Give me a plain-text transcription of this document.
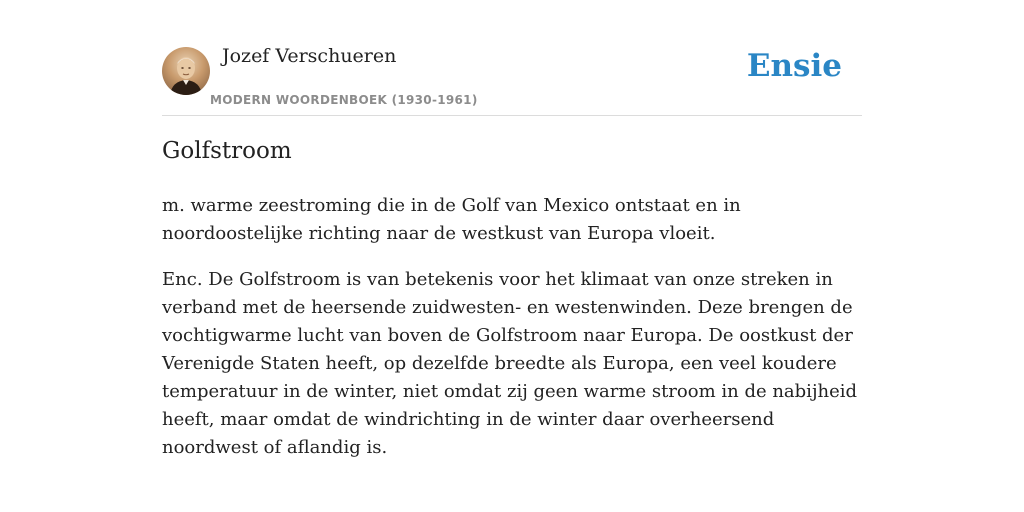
Jozef Verschueren
MODERN WOORDENBOEK (1930-1961)
Ensie
Golfstroom

m. warme zeestroming die in de Golf van Mexico ontstaat en in noordoostelijke richting naar de westkust van Europa vloeit.

Enc. De Golfstroom is van betekenis voor het klimaat van onze streken in verband met de heersende zuidwesten- en westenwinden. Deze brengen de vochtigwarme lucht van boven de Golfstroom naar Europa. De oostkust der Verenigde Staten heeft, op dezelfde breedte als Europa, een veel koudere temperatuur in de winter, niet omdat zij geen warme stroom in de nabijheid heeft, maar omdat de windrichting in de winter daar overheersend noordwest of aflandig is.
